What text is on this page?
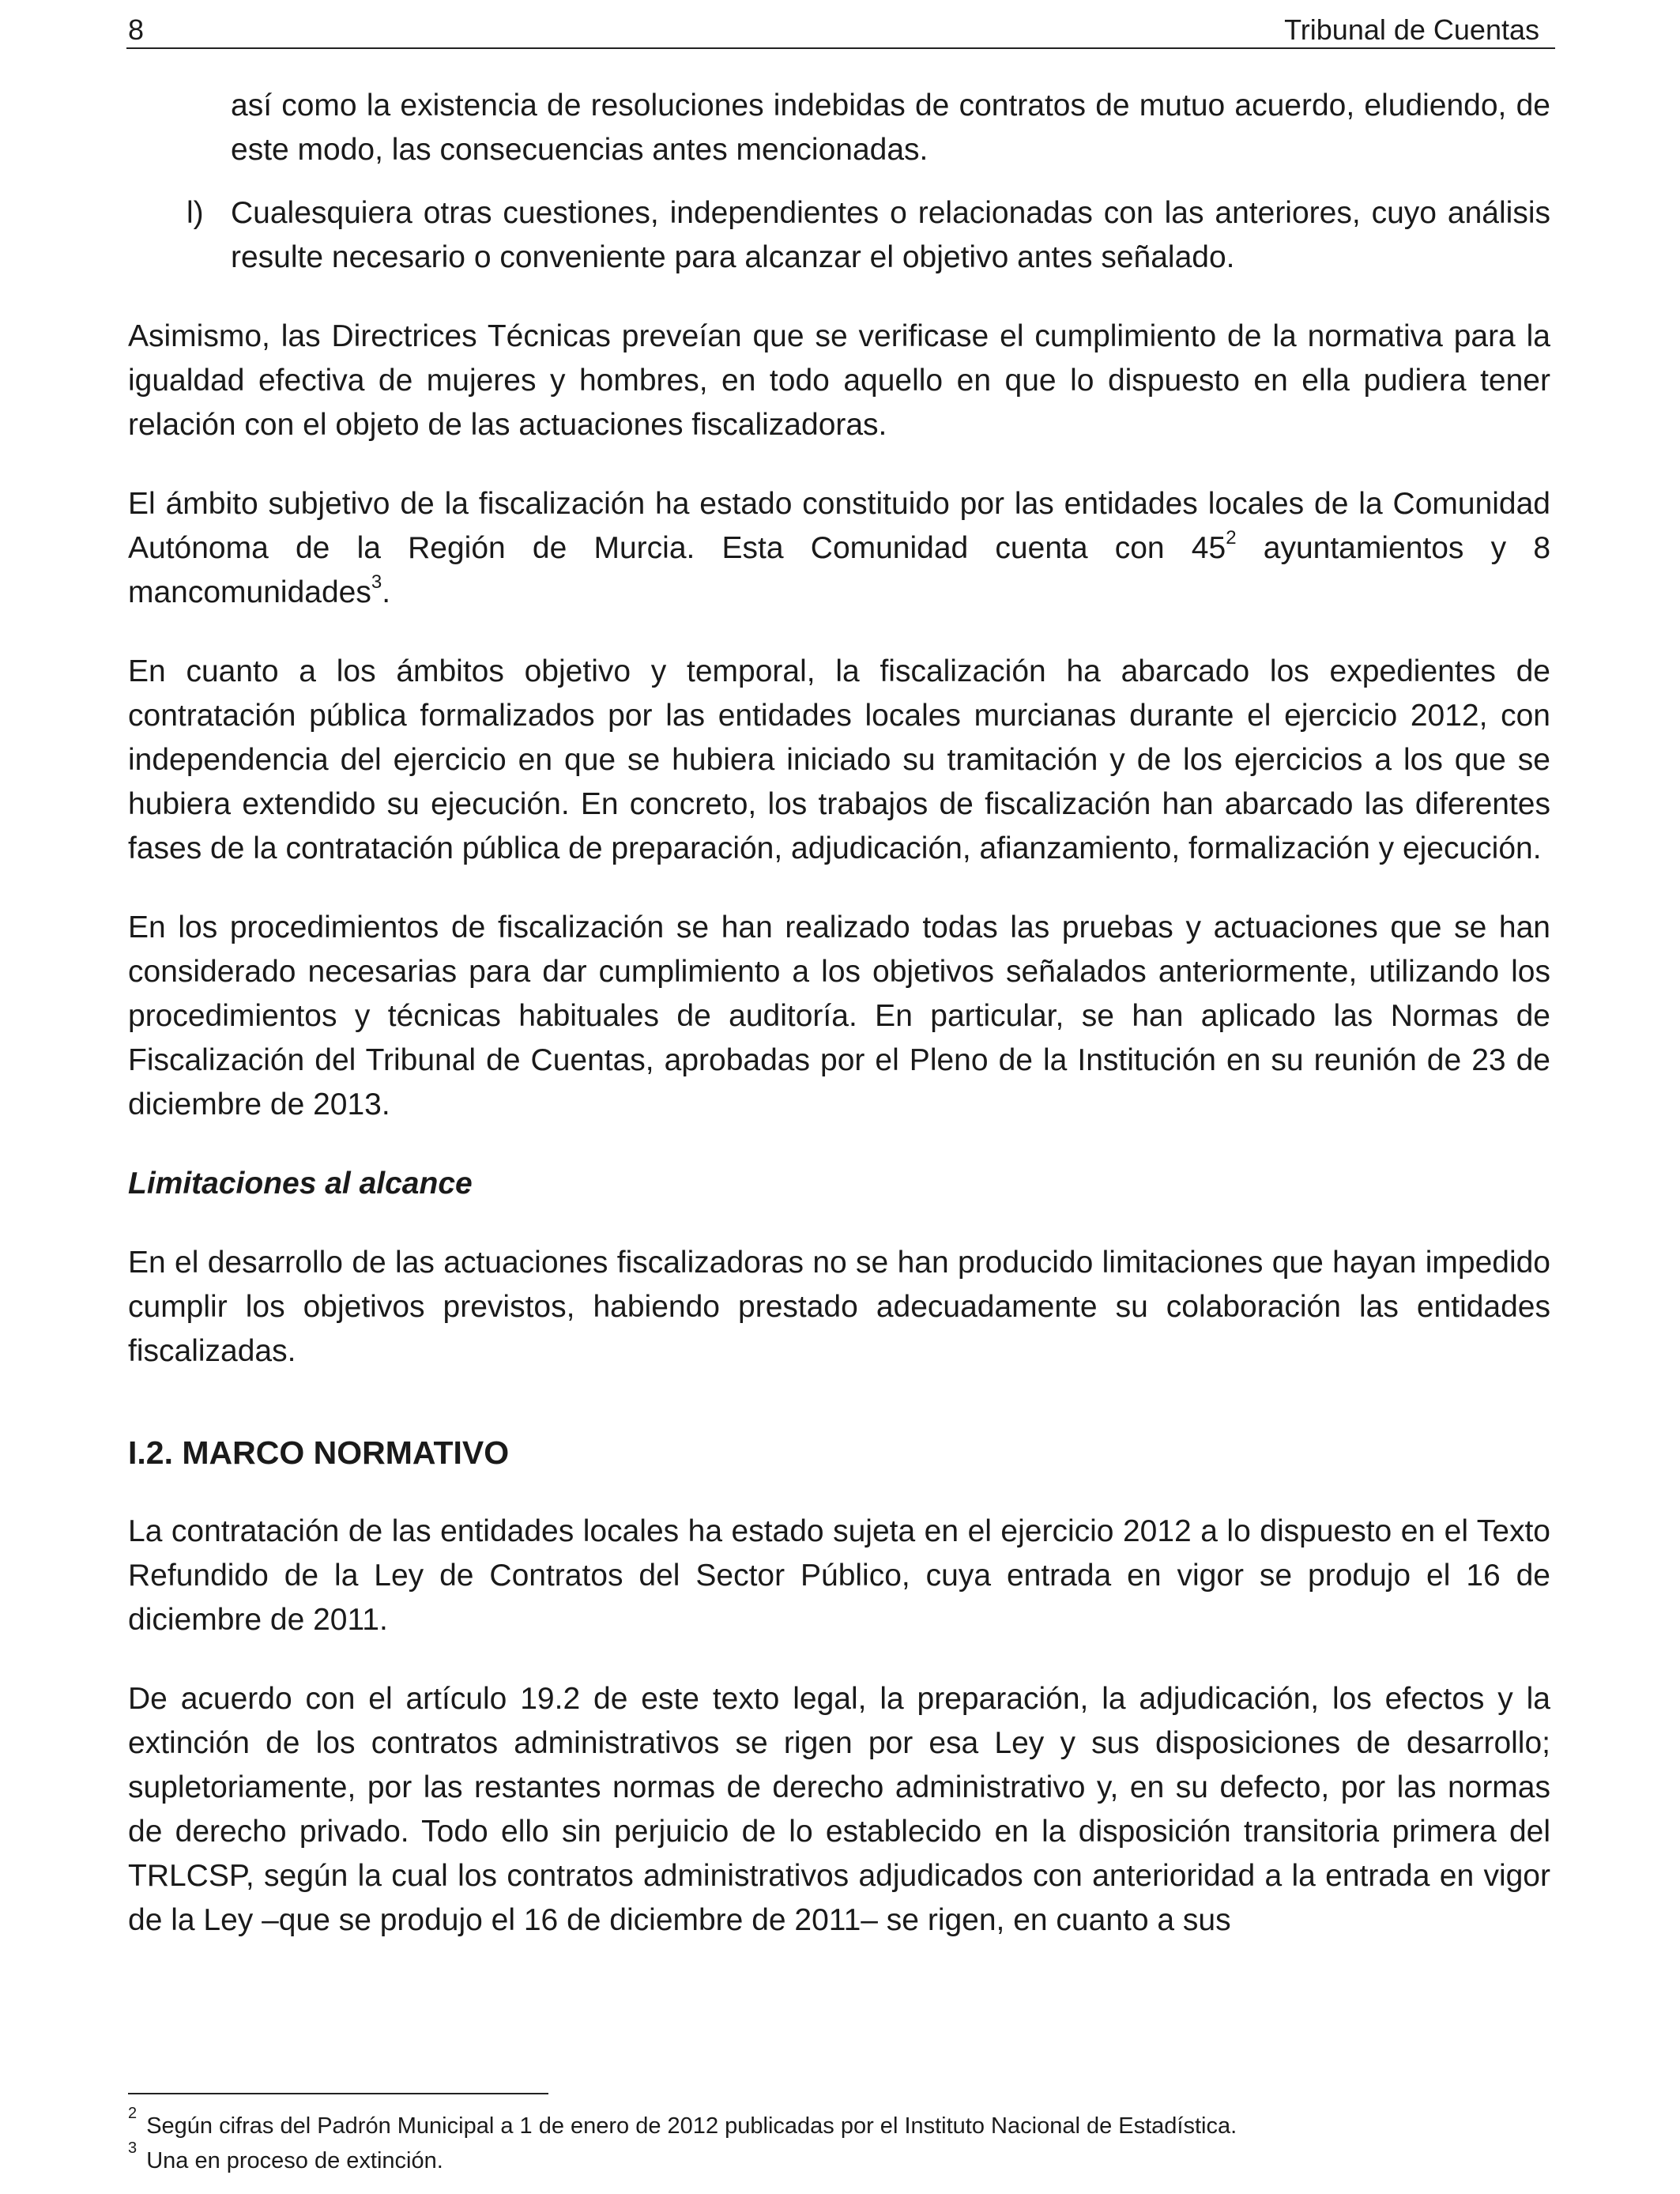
8	Tribunal de Cuentas

así como la existencia de resoluciones indebidas de contratos de mutuo acuerdo, eludiendo, de este modo, las consecuencias antes mencionadas.

l) Cualesquiera otras cuestiones, independientes o relacionadas con las anteriores, cuyo análisis resulte necesario o conveniente para alcanzar el objetivo antes señalado.

Asimismo, las Directrices Técnicas preveían que se verificase el cumplimiento de la normativa para la igualdad efectiva de mujeres y hombres, en todo aquello en que lo dispuesto en ella pudiera tener relación con el objeto de las actuaciones fiscalizadoras.

El ámbito subjetivo de la fiscalización ha estado constituido por las entidades locales de la Comunidad Autónoma de la Región de Murcia. Esta Comunidad cuenta con $45^2$ ayuntamientos y 8 mancomunidades$^3$.

En cuanto a los ámbitos objetivo y temporal, la fiscalización ha abarcado los expedientes de contratación pública formalizados por las entidades locales murcianas durante el ejercicio 2012, con independencia del ejercicio en que se hubiera iniciado su tramitación y de los ejercicios a los que se hubiera extendido su ejecución. En concreto, los trabajos de fiscalización han abarcado las diferentes fases de la contratación pública de preparación, adjudicación, afianzamiento, formalización y ejecución.

En los procedimientos de fiscalización se han realizado todas las pruebas y actuaciones que se han considerado necesarias para dar cumplimiento a los objetivos señalados anteriormente, utilizando los procedimientos y técnicas habituales de auditoría. En particular, se han aplicado las Normas de Fiscalización del Tribunal de Cuentas, aprobadas por el Pleno de la Institución en su reunión de 23 de diciembre de 2013.

Limitaciones al alcance

En el desarrollo de las actuaciones fiscalizadoras no se han producido limitaciones que hayan impedido cumplir los objetivos previstos, habiendo prestado adecuadamente su colaboración las entidades fiscalizadas.

I.2. MARCO NORMATIVO

La contratación de las entidades locales ha estado sujeta en el ejercicio 2012 a lo dispuesto en el Texto Refundido de la Ley de Contratos del Sector Público, cuya entrada en vigor se produjo el 16 de diciembre de 2011.

De acuerdo con el artículo 19.2 de este texto legal, la preparación, la adjudicación, los efectos y la extinción de los contratos administrativos se rigen por esa Ley y sus disposiciones de desarrollo; supletoriamente, por las restantes normas de derecho administrativo y, en su defecto, por las normas de derecho privado. Todo ello sin perjuicio de lo establecido en la disposición transitoria primera del TRLCSP, según la cual los contratos administrativos adjudicados con anterioridad a la entrada en vigor de la Ley –que se produjo el 16 de diciembre de 2011– se rigen, en cuanto a sus

$^2$ Según cifras del Padrón Municipal a 1 de enero de 2012 publicadas por el Instituto Nacional de Estadística.
$^3$ Una en proceso de extinción.
